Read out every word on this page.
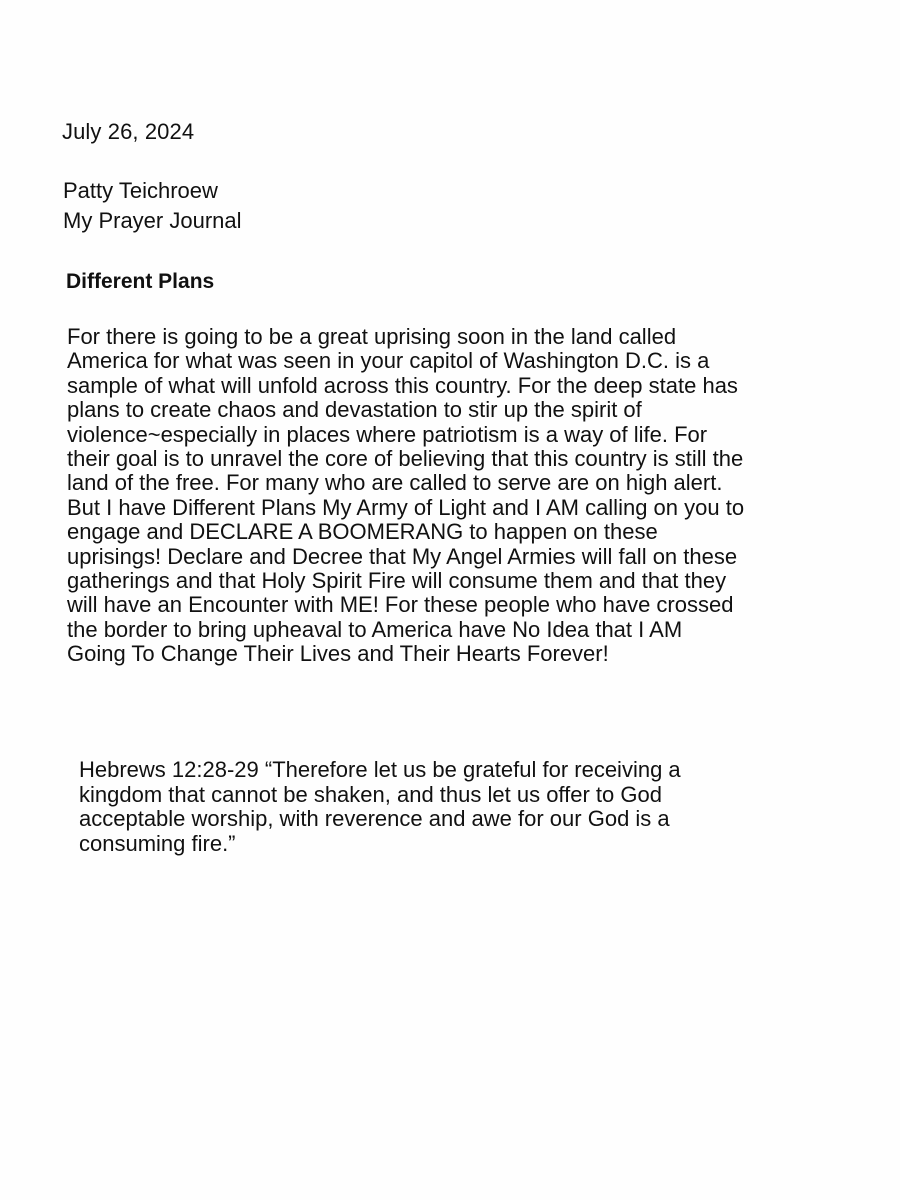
July 26, 2024
Patty Teichroew
My Prayer Journal
Different Plans
For there is going to be a great uprising soon in the land called
America for what was seen in your capitol of Washington D.C. is a
sample of what will unfold across this country. For the deep state has
plans to create chaos and devastation to stir up the spirit of
violence~especially in places where patriotism is a way of life. For
their goal is to unravel the core of believing that this country is still the
land of the free. For many who are called to serve are on high alert.
But I have Different Plans My Army of Light and I AM calling on you to
engage and DECLARE A BOOMERANG to happen on these
uprisings! Declare and Decree that My Angel Armies will fall on these
gatherings and that Holy Spirit Fire will consume them and that they
will have an Encounter with ME! For these people who have crossed
the border to bring upheaval to America have No Idea that I AM
Going To Change Their Lives and Their Hearts Forever!
Hebrews 12:28-29 “Therefore let us be grateful for receiving a
kingdom that cannot be shaken, and thus let us offer to God
acceptable worship, with reverence and awe for our God is a
consuming fire.”
